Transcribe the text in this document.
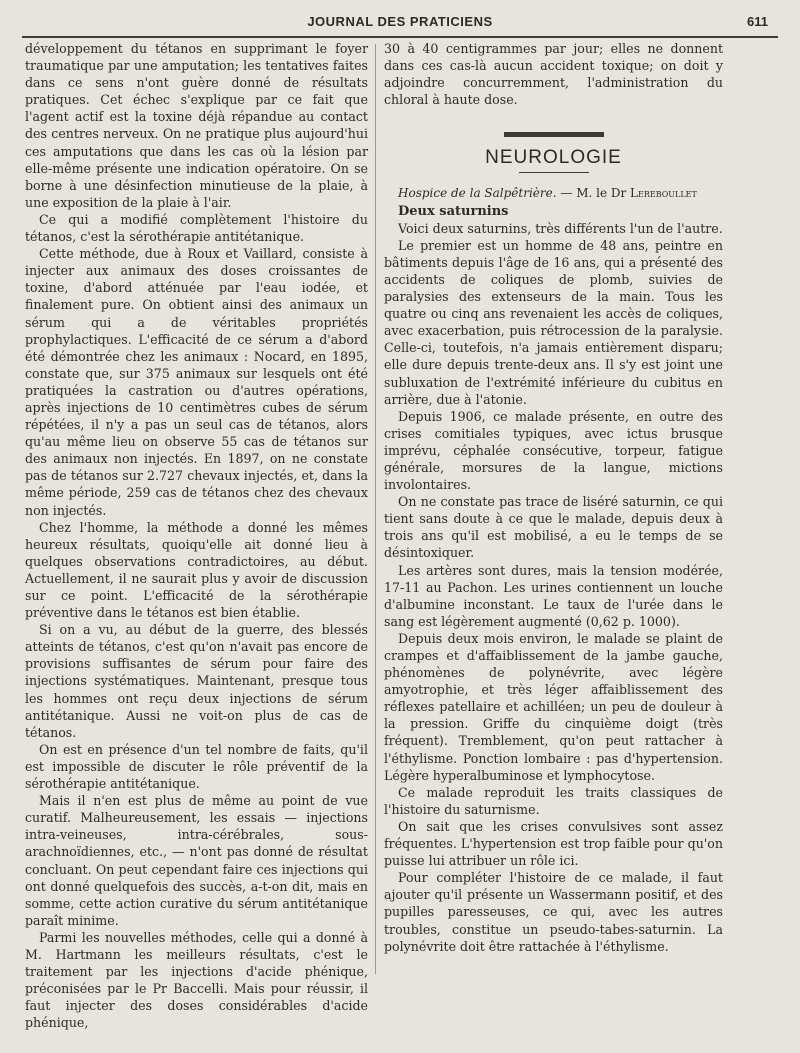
JOURNAL DES PRATICIENS	611

développement du tétanos en supprimant le foyer traumatique par une amputation; les tentatives faites dans ce sens n'ont guère donné de résultats pratiques. Cet échec s'explique par ce fait que l'agent actif est la toxine déjà répandue au contact des centres nerveux. On ne pratique plus aujourd'hui ces amputations que dans les cas où la lésion par elle-même présente une indication opératoire. On se borne à une désinfection minutieuse de la plaie, à une exposition de la plaie à l'air.

Ce qui a modifié complètement l'histoire du tétanos, c'est la sérothérapie antitétanique.

Cette méthode, due à Roux et Vaillard, consiste à injecter aux animaux des doses croissantes de toxine, d'abord atténuée par l'eau iodée, et finalement pure. On obtient ainsi des animaux un sérum qui a de véritables propriétés prophylactiques. L'efficacité de ce sérum a d'abord été démontrée chez les animaux : Nocard, en 1895, constate que, sur 375 animaux sur lesquels ont été pratiquées la castration ou d'autres opérations, après injections de 10 centimètres cubes de sérum répétées, il n'y a pas un seul cas de tétanos, alors qu'au même lieu on observe 55 cas de tétanos sur des animaux non injectés. En 1897, on ne constate pas de tétanos sur 2.727 chevaux injectés, et, dans la même période, 259 cas de tétanos chez des chevaux non injectés.

Chez l'homme, la méthode a donné les mêmes heureux résultats, quoiqu'elle ait donné lieu à quelques observations contradictoires, au début. Actuellement, il ne saurait plus y avoir de discussion sur ce point. L'efficacité de la sérothérapie préventive dans le tétanos est bien établie.

Si on a vu, au début de la guerre, des blessés atteints de tétanos, c'est qu'on n'avait pas encore de provisions suffisantes de sérum pour faire des injections systématiques. Maintenant, presque tous les hommes ont reçu deux injections de sérum antitétanique. Aussi ne voit-on plus de cas de tétanos.

On est en présence d'un tel nombre de faits, qu'il est impossible de discuter le rôle préventif de la sérothérapie antitétanique.

Mais il n'en est plus de même au point de vue curatif. Malheureusement, les essais — injections intra-veineuses, intra-cérébrales, sous-arachnoïdiennes, etc., — n'ont pas donné de résultat concluant. On peut cependant faire ces injections qui ont donné quelquefois des succès, a-t-on dit, mais en somme, cette action curative du sérum antitétanique paraît minime.

Parmi les nouvelles méthodes, celle qui a donné à M. Hartmann les meilleurs résultats, c'est le traitement par les injections d'acide phénique, préconisées par le Pr Baccelli. Mais pour réussir, il faut injecter des doses considérables d'acide phénique,

30 à 40 centigrammes par jour; elles ne donnent dans ces cas-là aucun accident toxique; on doit y adjoindre concurremment, l'administration du chloral à haute dose.

NEUROLOGIE

Hospice de la Salpêtrière. — M. le Dr Lereboullet

Deux saturnins

Voici deux saturnins, très différents l'un de l'autre.

Le premier est un homme de 48 ans, peintre en bâtiments depuis l'âge de 16 ans, qui a présenté des accidents de coliques de plomb, suivies de paralysies des extenseurs de la main. Tous les quatre ou cinq ans revenaient les accès de coliques, avec exacerbation, puis rétrocession de la paralysie. Celle-ci, toutefois, n'a jamais entièrement disparu; elle dure depuis trente-deux ans. Il s'y est joint une subluxation de l'extrémité inférieure du cubitus en arrière, due à l'atonie.

Depuis 1906, ce malade présente, en outre des crises comitiales typiques, avec ictus brusque imprévu, céphalée consécutive, torpeur, fatigue générale, morsures de la langue, mictions involontaires.

On ne constate pas trace de liséré saturnin, ce qui tient sans doute à ce que le malade, depuis deux à trois ans qu'il est mobilisé, a eu le temps de se désintoxiquer.

Les artères sont dures, mais la tension modérée, 17-11 au Pachon. Les urines contiennent un louche d'albumine inconstant. Le taux de l'urée dans le sang est légèrement augmenté (0,62 p. 1000).

Depuis deux mois environ, le malade se plaint de crampes et d'affaiblissement de la jambe gauche, phénomènes de polynévrite, avec légère amyotrophie, et très léger affaiblissement des réflexes patellaire et achilléen; un peu de douleur à la pression. Griffe du cinquième doigt (très fréquent). Tremblement, qu'on peut rattacher à l'éthylisme. Ponction lombaire : pas d'hypertension. Légère hyperalbuminose et lymphocytose.

Ce malade reproduit les traits classiques de l'histoire du saturnisme.

On sait que les crises convulsives sont assez fréquentes. L'hypertension est trop faible pour qu'on puisse lui attribuer un rôle ici.

Pour compléter l'histoire de ce malade, il faut ajouter qu'il présente un Wassermann positif, et des pupilles paresseuses, ce qui, avec les autres troubles, constitue un pseudo-tabes-saturnin. La polynévrite doit être rattachée à l'éthylisme.
